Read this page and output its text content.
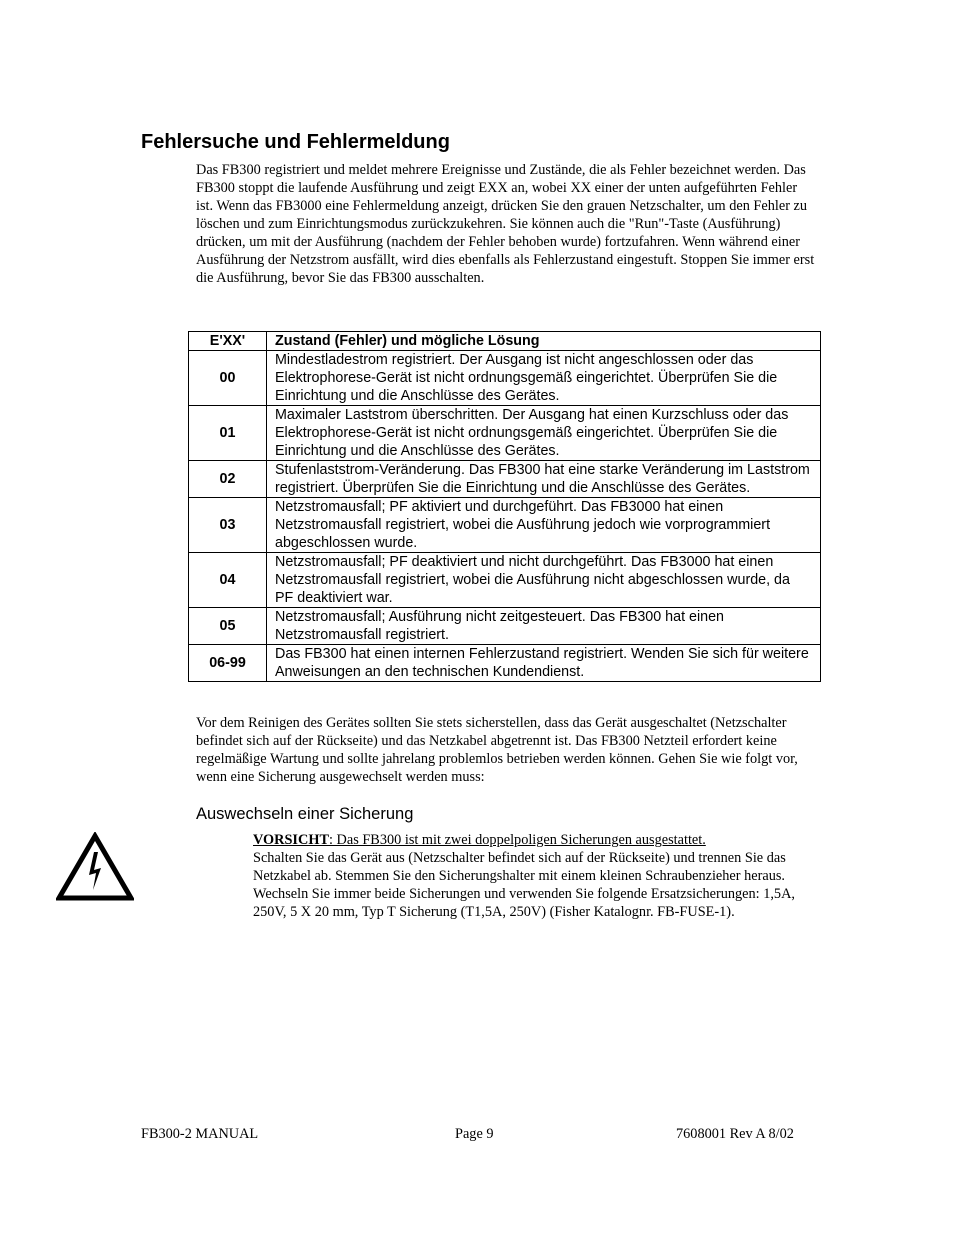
Fehlersuche und Fehlermeldung
Das FB300 registriert und meldet mehrere Ereignisse und Zustände, die als Fehler bezeichnet werden. Das FB300 stoppt die laufende Ausführung und zeigt EXX an, wobei XX einer der unten aufgeführten Fehler ist. Wenn das FB3000 eine Fehlermeldung anzeigt, drücken Sie den grauen Netzschalter, um den Fehler zu löschen und zum Einrichtungsmodus zurückzukehren. Sie können auch die "Run"-Taste (Ausführung) drücken, um mit der Ausführung (nachdem der Fehler behoben wurde) fortzufahren. Wenn während einer Ausführung der Netzstrom ausfällt, wird dies ebenfalls als Fehlerzustand eingestuft. Stoppen Sie immer erst die Ausführung, bevor Sie das FB300 ausschalten.
E'XX'	Zustand (Fehler) und mögliche Lösung
00	Mindestladestrom registriert. Der Ausgang ist nicht angeschlossen oder das Elektrophorese-Gerät ist nicht ordnungsgemäß eingerichtet. Überprüfen Sie die Einrichtung und die Anschlüsse des Gerätes.
01	Maximaler Laststrom überschritten. Der Ausgang hat einen Kurzschluss oder das Elektrophorese-Gerät ist nicht ordnungsgemäß eingerichtet. Überprüfen Sie die Einrichtung und die Anschlüsse des Gerätes.
02	Stufenlaststrom-Veränderung. Das FB300 hat eine starke Veränderung im Laststrom registriert. Überprüfen Sie die Einrichtung und die Anschlüsse des Gerätes.
03	Netzstromausfall; PF aktiviert und durchgeführt. Das FB3000 hat einen Netzstromausfall registriert, wobei die Ausführung jedoch wie vorprogrammiert abgeschlossen wurde.
04	Netzstromausfall; PF deaktiviert und nicht durchgeführt. Das FB3000 hat einen Netzstromausfall registriert, wobei die Ausführung nicht abgeschlossen wurde, da PF deaktiviert war.
05	Netzstromausfall; Ausführung nicht zeitgesteuert. Das FB300 hat einen Netzstromausfall registriert.
06-99	Das FB300 hat einen internen Fehlerzustand registriert. Wenden Sie sich für weitere Anweisungen an den technischen Kundendienst.
Vor dem Reinigen des Gerätes sollten Sie stets sicherstellen, dass das Gerät ausgeschaltet (Netzschalter befindet sich auf der Rückseite) und das Netzkabel abgetrennt ist. Das FB300 Netzteil erfordert keine regelmäßige Wartung und sollte jahrelang problemlos betrieben werden können. Gehen Sie wie folgt vor, wenn eine Sicherung ausgewechselt werden muss:
Auswechseln einer Sicherung
VORSICHT: Das FB300 ist mit zwei doppelpoligen Sicherungen ausgestattet.
Schalten Sie das Gerät aus (Netzschalter befindet sich auf der Rückseite) und trennen Sie das Netzkabel ab. Stemmen Sie den Sicherungshalter mit einem kleinen Schraubenzieher heraus. Wechseln Sie immer beide Sicherungen und verwenden Sie folgende Ersatzsicherungen: 1,5A, 250V, 5 X 20 mm, Typ T Sicherung (T1,5A, 250V) (Fisher Katalognr. FB-FUSE-1).
FB300-2 MANUAL	Page 9	7608001 Rev A 8/02
